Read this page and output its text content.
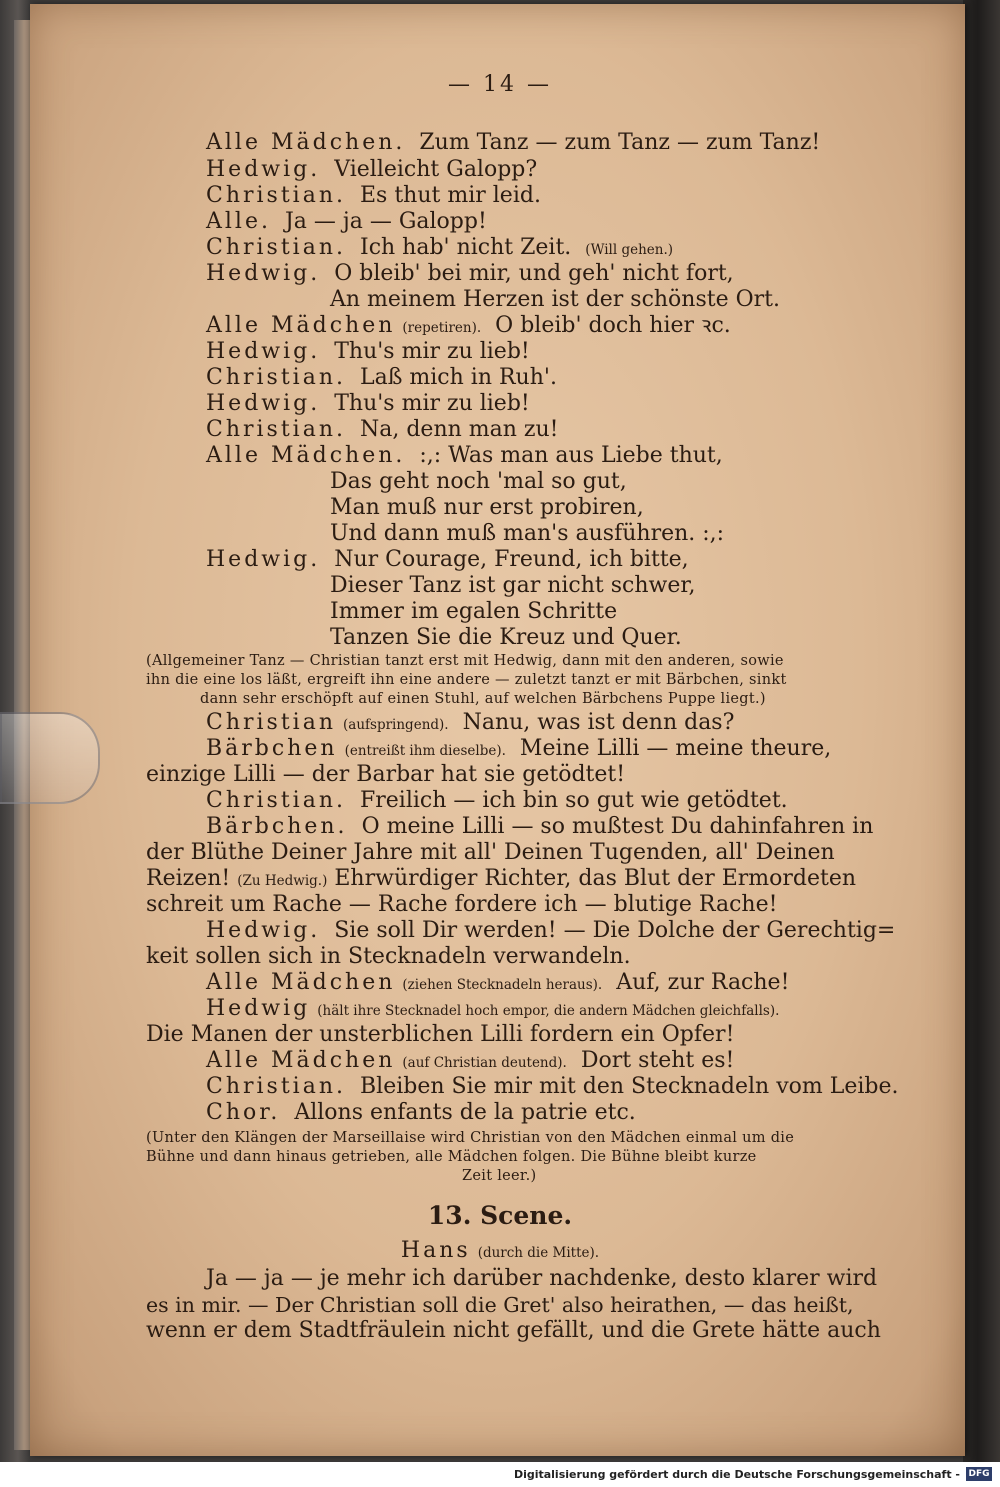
— 14 —
Alle Mädchen. Zum Tanz — zum Tanz — zum Tanz!
Hedwig. Vielleicht Galopp?
Christian. Es thut mir leid.
Alle. Ja — ja — Galopp!
Christian. Ich hab' nicht Zeit. (Will gehen.)
Hedwig. O bleib' bei mir, und geh' nicht fort,
An meinem Herzen ist der schönste Ort.
Alle Mädchen (repetiren). O bleib' doch hier ꝛc.
Hedwig. Thu's mir zu lieb!
Christian. Laß mich in Ruh'.
Hedwig. Thu's mir zu lieb!
Christian. Na, denn man zu!
Alle Mädchen. :,: Was man aus Liebe thut,
Das geht noch 'mal so gut,
Man muß nur erst probiren,
Und dann muß man's ausführen. :,:
Hedwig. Nur Courage, Freund, ich bitte,
Dieser Tanz ist gar nicht schwer,
Immer im egalen Schritte
Tanzen Sie die Kreuz und Quer.
(Allgemeiner Tanz — Christian tanzt erst mit Hedwig, dann mit den anderen, sowie
ihn die eine los läßt, ergreift ihn eine andere — zuletzt tanzt er mit Bärbchen, sinkt
dann sehr erschöpft auf einen Stuhl, auf welchen Bärbchens Puppe liegt.)
Christian (aufspringend). Nanu, was ist denn das?
Bärbchen (entreißt ihm dieselbe). Meine Lilli — meine theure,
einzige Lilli — der Barbar hat sie getödtet!
Christian. Freilich — ich bin so gut wie getödtet.
Bärbchen. O meine Lilli — so mußtest Du dahinfahren in
der Blüthe Deiner Jahre mit all' Deinen Tugenden, all' Deinen
Reizen! (Zu Hedwig.) Ehrwürdiger Richter, das Blut der Ermordeten
schreit um Rache — Rache fordere ich — blutige Rache!
Hedwig. Sie soll Dir werden! — Die Dolche der Gerechtig=
keit sollen sich in Stecknadeln verwandeln.
Alle Mädchen (ziehen Stecknadeln heraus). Auf, zur Rache!
Hedwig (hält ihre Stecknadel hoch empor, die andern Mädchen gleichfalls).
Die Manen der unsterblichen Lilli fordern ein Opfer!
Alle Mädchen (auf Christian deutend). Dort steht es!
Christian. Bleiben Sie mir mit den Stecknadeln vom Leibe.
Chor. Allons enfants de la patrie etc.
(Unter den Klängen der Marseillaise wird Christian von den Mädchen einmal um die
Bühne und dann hinaus getrieben, alle Mädchen folgen. Die Bühne bleibt kurze
Zeit leer.)
13. Scene.
Hans (durch die Mitte).
Ja — ja — je mehr ich darüber nachdenke, desto klarer wird
es in mir. — Der Christian soll die Gret' also heirathen, — das heißt,
wenn er dem Stadtfräulein nicht gefällt, und die Grete hätte auch
Digitalisierung gefördert durch die Deutsche Forschungsgemeinschaft - DFG
